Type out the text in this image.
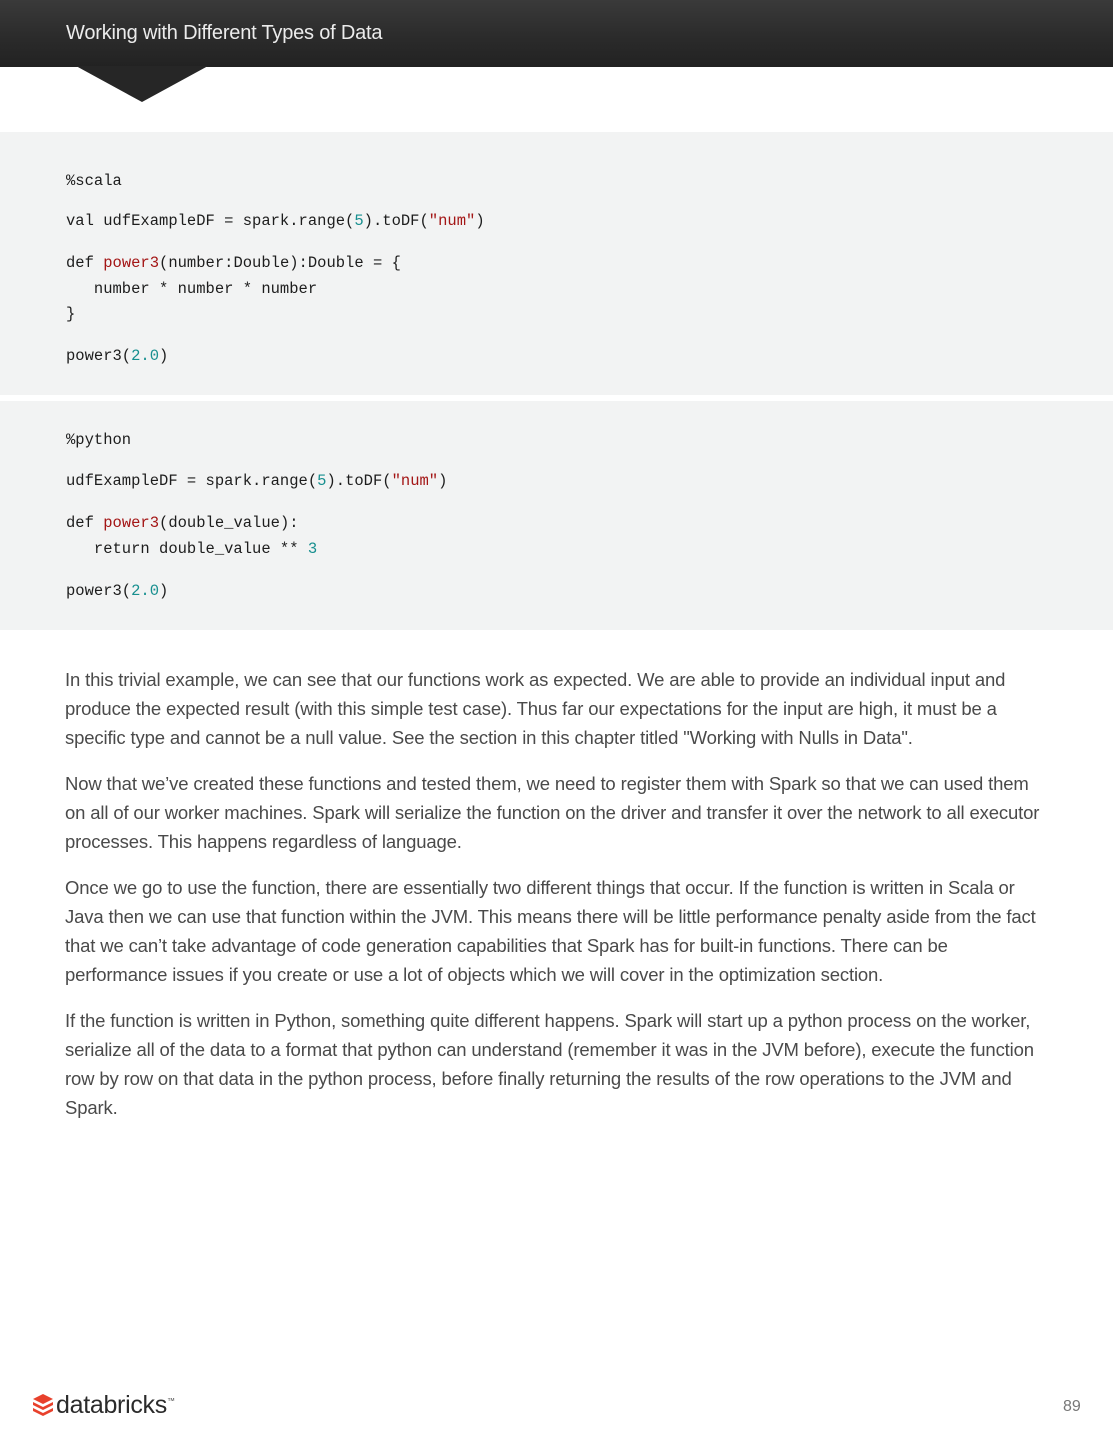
Working with Different Types of Data
%scala
val udfExampleDF = spark.range(5).toDF("num")
def power3(number:Double):Double = {
number * number * number
}
power3(2.0)
%python
udfExampleDF = spark.range(5).toDF("num")
def power3(double_value):
return double_value ** 3
power3(2.0)

In this trivial example, we can see that our functions work as expected. We are able to provide an individual input and produce the expected result (with this simple test case). Thus far our expectations for the input are high, it must be a specific type and cannot be a null value. See the section in this chapter titled "Working with Nulls in Data".

Now that we’ve created these functions and tested them, we need to register them with Spark so that we can used them on all of our worker machines. Spark will serialize the function on the driver and transfer it over the network to all executor processes. This happens regardless of language.

Once we go to use the function, there are essentially two different things that occur. If the function is written in Scala or Java then we can use that function within the JVM. This means there will be little performance penalty aside from the fact that we can’t take advantage of code generation capabilities that Spark has for built-in functions. There can be performance issues if you create or use a lot of objects which we will cover in the optimization section.

If the function is written in Python, something quite different happens. Spark will start up a python process on the worker, serialize all of the data to a format that python can understand (remember it was in the JVM before), execute the function row by row on that data in the python process, before finally returning the results of the row operations to the JVM and Spark.

databricks™	89
